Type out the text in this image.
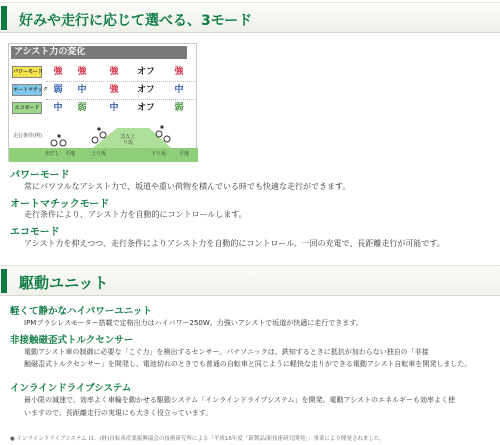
好みや走行に応じて選べる、3モード
アシスト力の変化
パワーモード	強	強	強	オフ	強
オートマチック 弱	中	強	オフ	中
エコモード	中	弱	中	オフ	弱
走行条件(例)
出だし 平地	上り坂
急な上り坂
下り坂	平地
パワーモード
常にパワフルなアシスト力で、坂道や重い荷物を積んでいる時でも快適な走行ができます。
オートマチックモード
走行条件により、アシスト力を自動的にコントロールします。
エコモード
アシスト力を抑えつつ、走行条件によりアシスト力を自動的にコントロール。一回の充電で、長距離走行が可能です。
駆動ユニット
軽くて静かなハイパワーユニット
IPMブラシレスモーター搭載で定格出力はハイパワー250W。力強いアシストで坂道が快適に走行できます。
非接触磁歪式トルクセンサー
電動アシスト車の制御に必要な「こぐ力」を検出するセンサー。パナソニックは、鉄知するときに抵抗が加わらない独自の「非接
触磁歪式トルクセンサー」を開発し、電池切れのときでも普通の自転車と同じように軽快な走りができる電動アシスト自転車を開発しました。
インラインドライブシステム
最小限の減速で、効率よく車輪を動かせる駆動システム「インラインドライブシステム」を開発。電動アシストのエネルギーも効率よく使
いますので、長距離走行の実現にも大きく役立っています。
● インラインドライブシステム は、(財)自転車産業振興協会の技術研究所による「平成16年度「新製品/新技術研究開発」」事業により開発されました。
